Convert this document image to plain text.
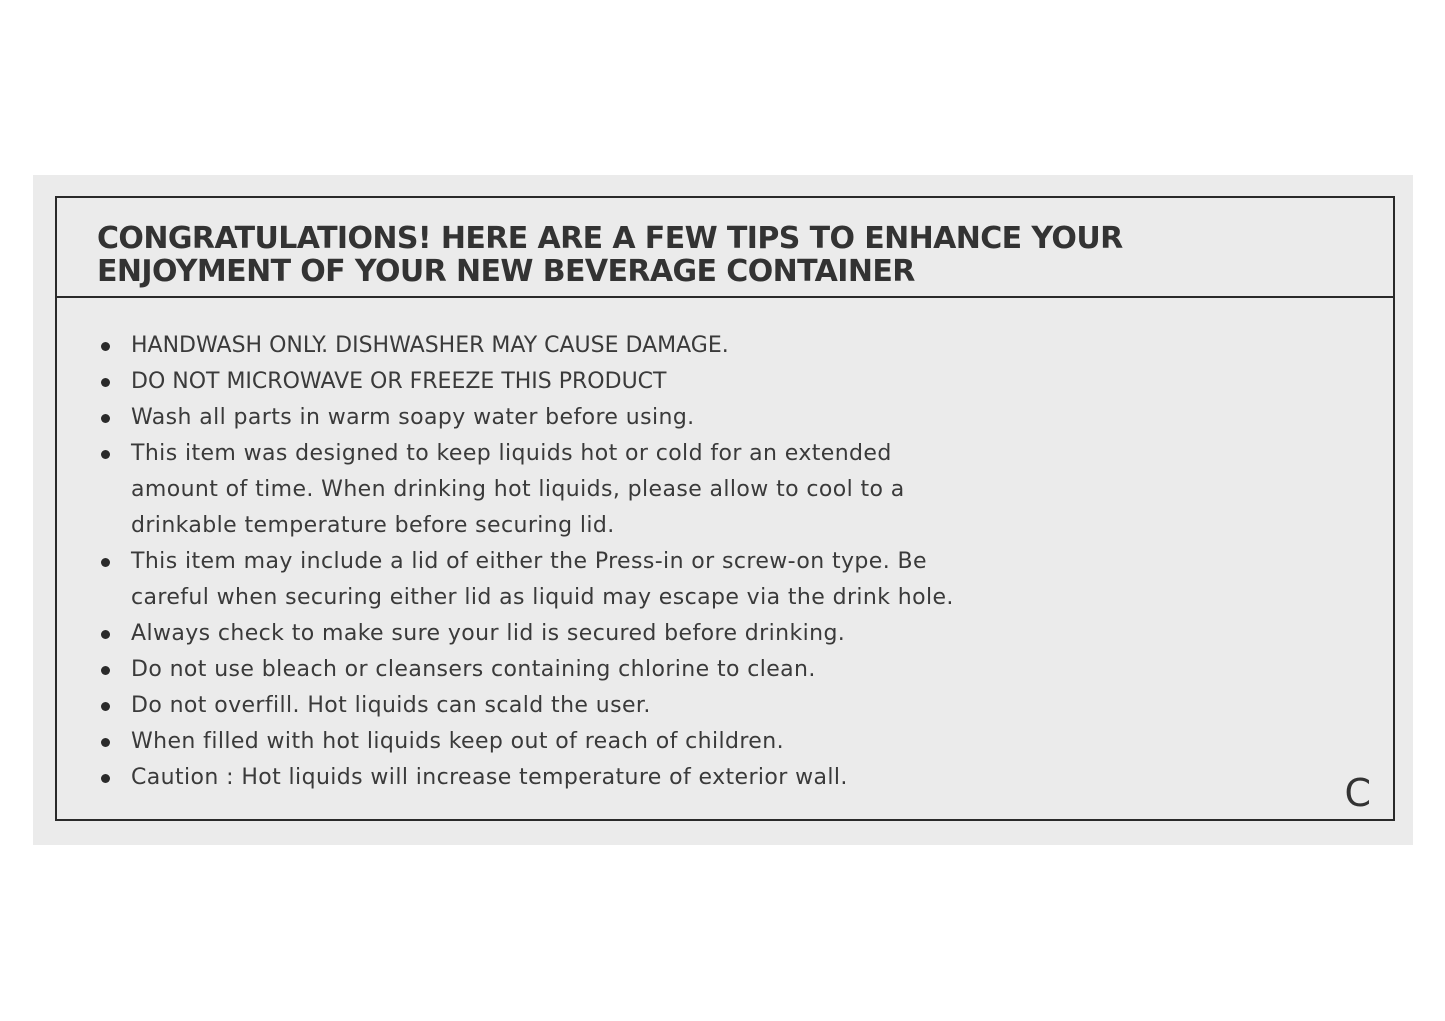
CONGRATULATIONS! HERE ARE A FEW TIPS TO ENHANCE YOUR
ENJOYMENT OF YOUR NEW BEVERAGE CONTAINER
HANDWASH ONLY. DISHWASHER MAY CAUSE DAMAGE.
DO NOT MICROWAVE OR FREEZE THIS PRODUCT
Wash all parts in warm soapy water before using.
This item was designed to keep liquids hot or cold for an extended
amount of time. When drinking hot liquids, please allow to cool to a
drinkable temperature before securing lid.
This item may include a lid of either the Press-in or screw-on type. Be
careful when securing either lid as liquid may escape via the drink hole.
Always check to make sure your lid is secured before drinking.
Do not use bleach or cleansers containing chlorine to clean.
Do not overfill. Hot liquids can scald the user.
When filled with hot liquids keep out of reach of children.
Caution : Hot liquids will increase temperature of exterior wall.	C
